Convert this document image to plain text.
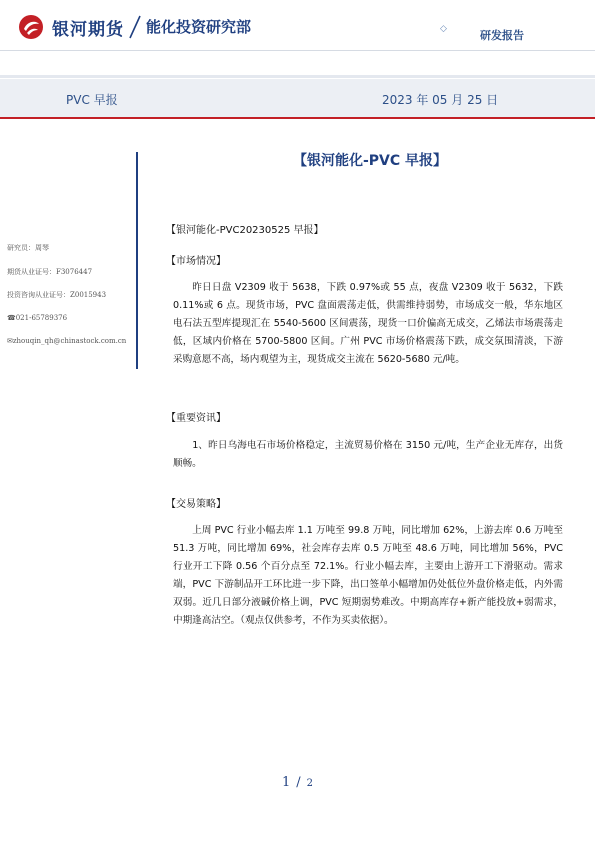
银河期货 能化投资研究部	◇	研发报告
PVC 早报	2023 年 05 月 25 日
研究员：周琴
期货从业证号：F3076447
投资咨询从业证号：Z0015943
☎021-65789376
✉zhouqin_qh@chinastock.com.cn
【银河能化-PVC 早报】
【银河能化-PVC20230525 早报】
【市场情况】

昨日日盘 V2309 收于 5638，下跌 0.97%或 55 点，夜盘 V2309 收于 5632，下跌 0.11%或 6 点。现货市场，PVC 盘面震荡走低，供需维持弱势，市场成交一般，华东地区电石法五型库提现汇在 5540-5600 区间震荡，现货一口价偏高无成交，乙烯法市场震荡走低，区域内价格在 5700-5800 区间。广州 PVC 市场价格震荡下跌，成交氛围清淡，下游采购意愿不高，场内观望为主，现货成交主流在 5620-5680 元/吨。

【重要资讯】

1、昨日乌海电石市场价格稳定，主流贸易价格在 3150 元/吨，生产企业无库存，出货顺畅。

【交易策略】

上周 PVC 行业小幅去库 1.1 万吨至 99.8 万吨，同比增加 62%，上游去库 0.6 万吨至 51.3 万吨，同比增加 69%，社会库存去库 0.5 万吨至 48.6 万吨，同比增加 56%，PVC 行业开工下降 0.56 个百分点至 72.1%。行业小幅去库，主要由上游开工下滑驱动。需求端，PVC 下游制品开工环比进一步下降，出口签单小幅增加仍处低位外盘价格走低，内外需双弱。近几日部分液碱价格上调，PVC 短期弱势难改。中期高库存+新产能投放+弱需求，中期逢高沽空。（观点仅供参考，不作为买卖依据）。

1 / 2
